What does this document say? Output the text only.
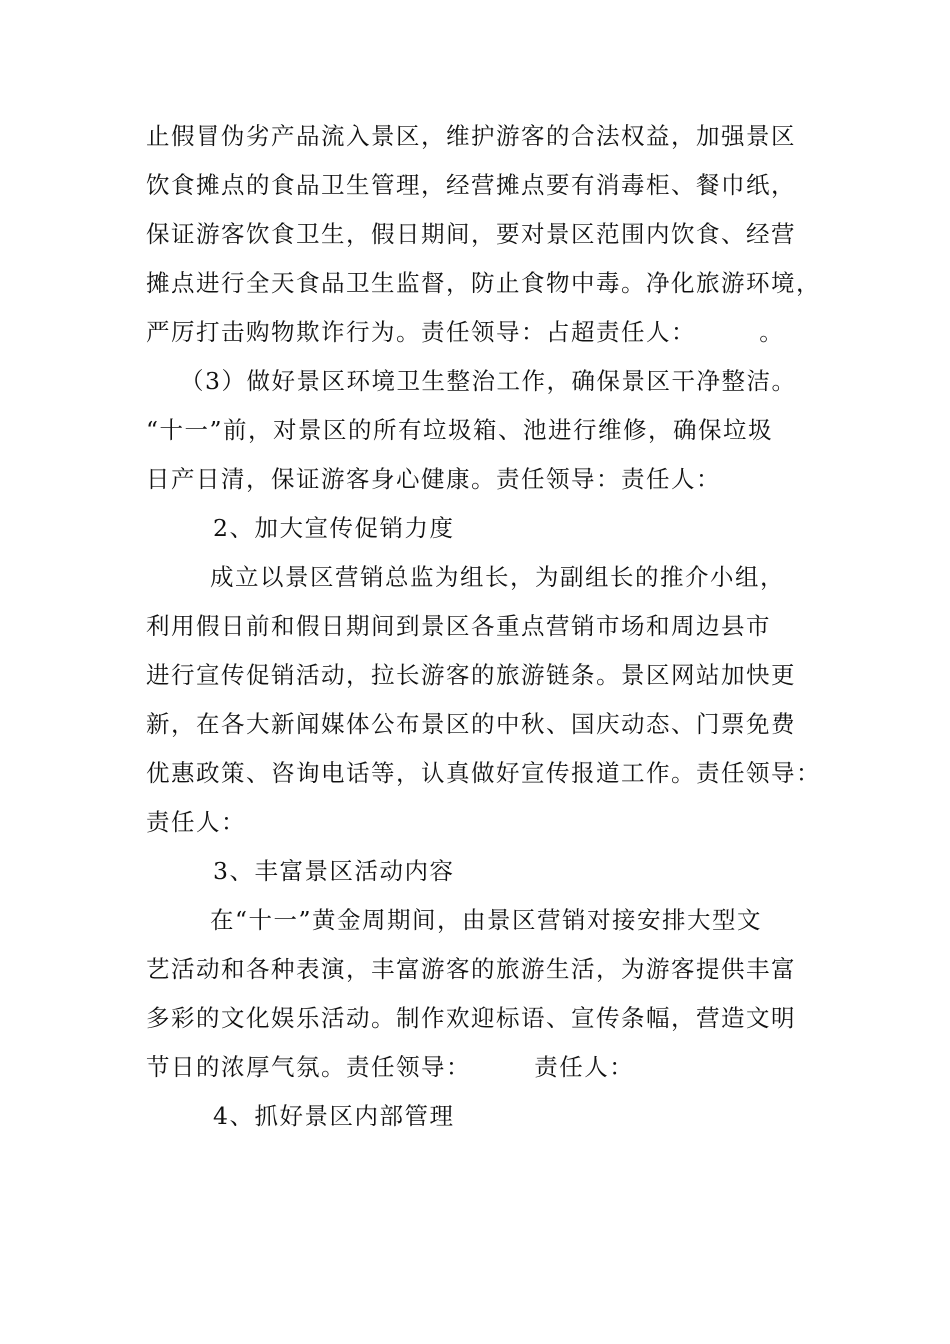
止假冒伪劣产品流入景区，维护游客的合法权益，加强景区
饮食摊点的食品卫生管理，经营摊点要有消毒柜、餐巾纸，
保证游客饮食卫生，假日期间，要对景区范围内饮食、经营
摊点进行全天食品卫生监督，防止食物中毒。净化旅游环境，
严厉打击购物欺诈行为。责任领导：占超责任人：　　　。
（3）做好景区环境卫生整治工作，确保景区干净整洁。
“十一”前，对景区的所有垃圾箱、池进行维修，确保垃圾
日产日清，保证游客身心健康。责任领导：责任人：
2、加大宣传促销力度
成立以景区营销总监为组长，为副组长的推介小组，
利用假日前和假日期间到景区各重点营销市场和周边县市
进行宣传促销活动，拉长游客的旅游链条。景区网站加快更
新，在各大新闻媒体公布景区的中秋、国庆动态、门票免费
优惠政策、咨询电话等，认真做好宣传报道工作。责任领导：
责任人：
3、丰富景区活动内容
在“十一”黄金周期间，由景区营销对接安排大型文
艺活动和各种表演，丰富游客的旅游生活，为游客提供丰富
多彩的文化娱乐活动。制作欢迎标语、宣传条幅，营造文明
节日的浓厚气氛。责任领导：　　　责任人：
4、抓好景区内部管理
